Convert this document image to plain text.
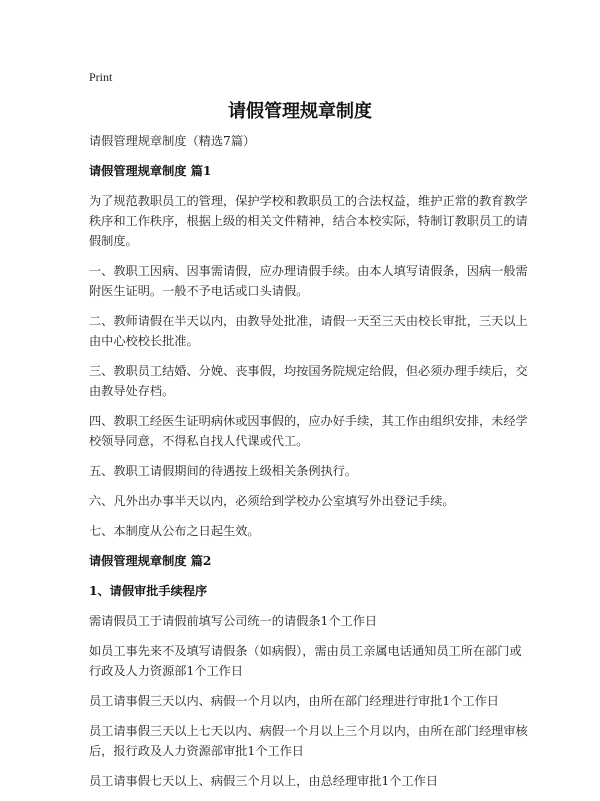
Print
请假管理规章制度

请假管理规章制度（精选7篇）

请假管理规章制度 篇1

为了规范教职员工的管理，保护学校和教职员工的合法权益，维护正常的教育教学秩序和工作秩序，根据上级的相关文件精神，结合本校实际，特制订教职员工的请假制度。

一、教职工因病、因事需请假，应办理请假手续。由本人填写请假条，因病一般需附医生证明。一般不予电话或口头请假。

二、教师请假在半天以内，由教导处批准，请假一天至三天由校长审批，三天以上由中心校校长批准。

三、教职员工结婚、分娩、丧事假，均按国务院规定给假，但必须办理手续后，交由教导处存档。

四、教职工经医生证明病休或因事假的，应办好手续，其工作由组织安排，未经学校领导同意，不得私自找人代课或代工。

五、教职工请假期间的待遇按上级相关条例执行。

六、凡外出办事半天以内，必须给到学校办公室填写外出登记手续。

七、本制度从公布之日起生效。

请假管理规章制度 篇2

1、请假审批手续程序

需请假员工于请假前填写公司统一的请假条1个工作日

如员工事先来不及填写请假条（如病假），需由员工亲属电话通知员工所在部门或行政及人力资源部1个工作日

员工请事假三天以内、病假一个月以内，由所在部门经理进行审批1个工作日

员工请事假三天以上七天以内、病假一个月以上三个月以内，由所在部门经理审核后，报行政及人力资源部审批1个工作日

员工请事假七天以上、病假三个月以上，由总经理审批1个工作日
